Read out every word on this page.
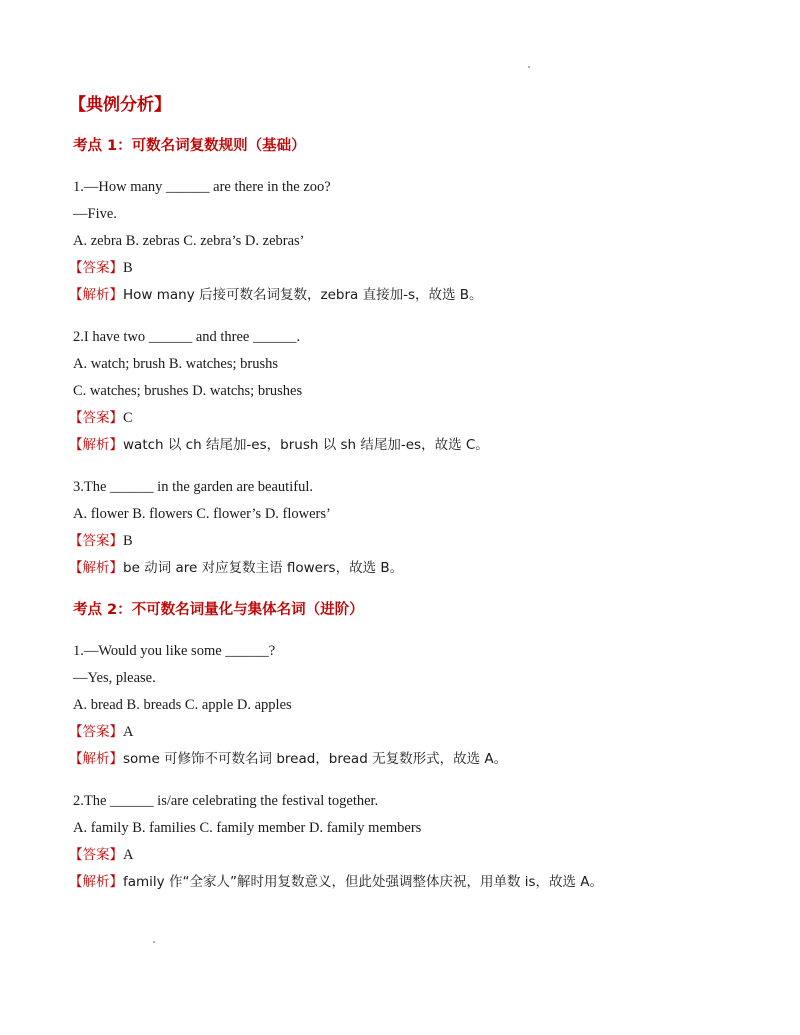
【典例分析】
考点 1：可数名词复数规则（基础）
1.—How many ______ are there in the zoo?
—Five.
A. zebra B. zebras C. zebra’s D. zebras’
【答案】B
【解析】How many 后接可数名词复数，zebra 直接加-s，故选 B。
2.I have two ______ and three ______.
A. watch; brush B. watches; brushs
C. watches; brushes D. watchs; brushes
【答案】C
【解析】watch 以 ch 结尾加-es，brush 以 sh 结尾加-es，故选 C。
3.The ______ in the garden are beautiful.
A. flower B. flowers C. flower’s D. flowers’
【答案】B
【解析】be 动词 are 对应复数主语 flowers，故选 B。
考点 2：不可数名词量化与集体名词（进阶）
1.—Would you like some ______?
—Yes, please.
A. bread B. breads C. apple D. apples
【答案】A
【解析】some 可修饰不可数名词 bread，bread 无复数形式，故选 A。
2.The ______ is/are celebrating the festival together.
A. family B. families C. family member D. family members
【答案】A
【解析】family 作“全家人”解时用复数意义，但此处强调整体庆祝，用单数 is，故选 A。
